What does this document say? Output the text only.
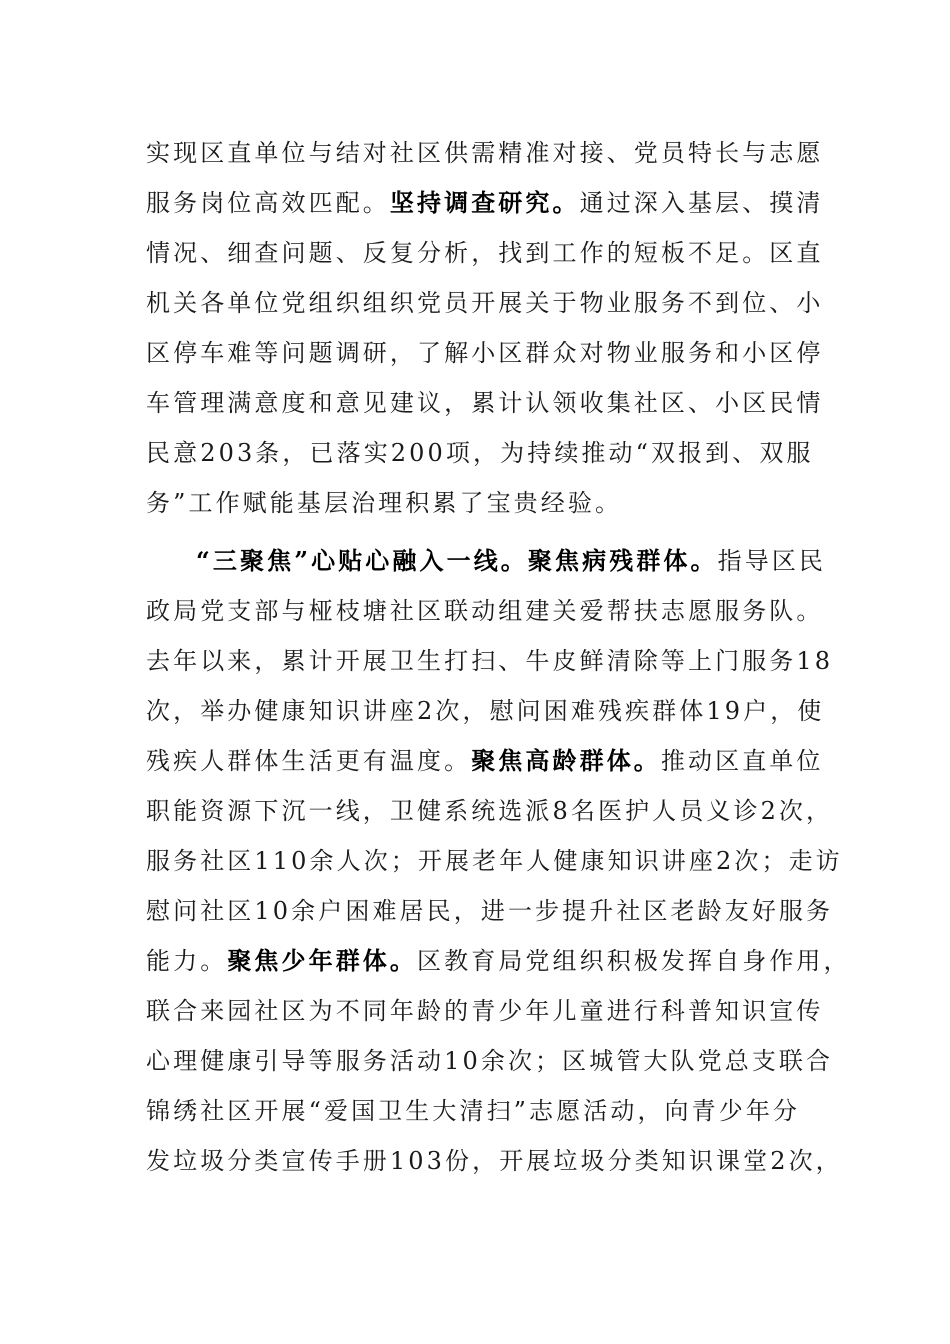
实现区直单位与结对社区供需精准对接、党员特长与志愿
服务岗位高效匹配。坚持调查研究。通过深入基层、摸清
情况、细查问题、反复分析，找到工作的短板不足。区直
机关各单位党组织组织党员开展关于物业服务不到位、小
区停车难等问题调研，了解小区群众对物业服务和小区停
车管理满意度和意见建议，累计认领收集社区、小区民情
民意203条，已落实200项，为持续推动“双报到、双服
务”工作赋能基层治理积累了宝贵经验。
“三聚焦”心贴心融入一线。聚焦病残群体。指导区民
政局党支部与桠枝塘社区联动组建关爱帮扶志愿服务队。
去年以来，累计开展卫生打扫、牛皮鲜清除等上门服务18
次，举办健康知识讲座2次，慰问困难残疾群体19户，使
残疾人群体生活更有温度。聚焦高龄群体。推动区直单位
职能资源下沉一线，卫健系统选派8名医护人员义诊2次，
服务社区110余人次；开展老年人健康知识讲座2次；走访
慰问社区10余户困难居民，进一步提升社区老龄友好服务
能力。聚焦少年群体。区教育局党组织积极发挥自身作用，
联合来园社区为不同年龄的青少年儿童进行科普知识宣传
心理健康引导等服务活动10余次；区城管大队党总支联合
锦绣社区开展“爱国卫生大清扫”志愿活动，向青少年分
发垃圾分类宣传手册103份，开展垃圾分类知识课堂2次，
